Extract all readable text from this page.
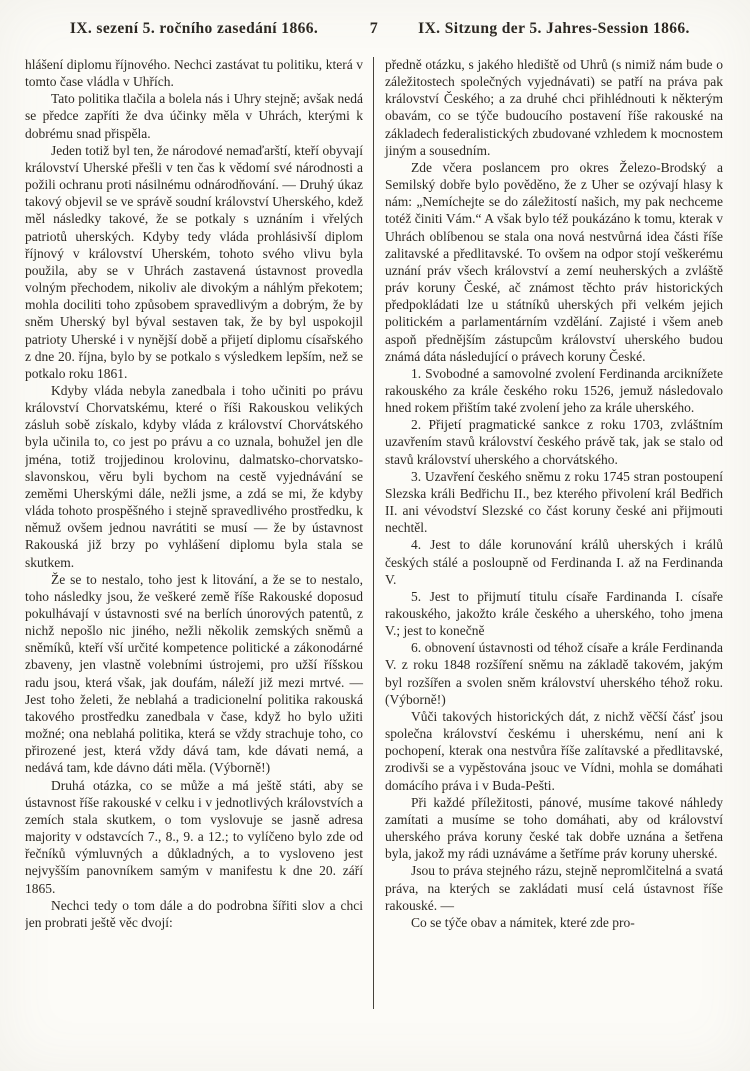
IX. sezení 5. ročního zasedání 1866.	7	IX. Sitzung der 5. Jahres-Session 1866.

hlášení diplomu říjnového. Nechci zastávat tu politiku, která v tomto čase vládla v Uhřích.

Tato politika tlačila a bolela nás i Uhry stejně; avšak nedá se předce zapříti že dva účinky měla v Uhrách, kterými k dobrému snad přispěla.

Jeden totiž byl ten, že národové nemaďarští, kteří obyvají království Uherské přešli v ten čas k vědomí své národnosti a požili ochranu proti násilnému odnárodňování. — Druhý úkaz takový objevil se ve správě soudní království Uherského, kdež měl následky takové, že se potkaly s uznáním i vřelých patriotů uherských. Kdyby tedy vláda prohlásivší diplom říjnový v království Uherském, tohoto svého vlivu byla použila, aby se v Uhrách zastavená ústavnost provedla volným přechodem, nikoliv ale divokým a náhlým překotem; mohla dociliti toho způsobem spravedlivým a dobrým, že by sněm Uherský byl býval sestaven tak, že by byl uspokojil patrioty Uherské i v nynější době a přijetí diplomu císařského z dne 20. října, bylo by se potkalo s výsledkem lepším, než se potkalo roku 1861.

Kdyby vláda nebyla zanedbala i toho učiniti po právu království Chorvatskému, které o říši Rakouskou velikých zásluh sobě získalo, kdyby vláda z království Chorvátského byla učinila to, co jest po právu a co uznala, bohužel jen dle jména, totiž trojjedinou krolovinu, dalmatsko-chorvatsko-slavonskou, věru byli bychom na cestě vyjednávání se zeměmi Uherskými dále, nežli jsme, a zdá se mi, že kdyby vláda tohoto prospěšného i stejně spravedlivého prostředku, k němuž ovšem jednou navrátiti se musí — že by ústavnost Rakouská již brzy po vyhlášení diplomu byla stala se skutkem.

Že se to nestalo, toho jest k litování, a že se to nestalo, toho následky jsou, že veškeré země říše Rakouské doposud pokulhávají v ústavnosti své na berlích únorových patentů, z nichž nepošlo nic jiného, nežli několik zemských sněmů a sněmíků, kteří vší určité kompetence politické a zákonodárné zbaveny, jen vlastně volebními ústrojemi, pro užší říšskou radu jsou, která však, jak doufám, náleží již mezi mrtvé. — Jest toho želeti, že neblahá a tradicionelní politika rakouská takového prostředku zanedbala v čase, když ho bylo užiti možné; ona neblahá politika, která se vždy strachuje toho, co přirozené jest, která vždy dává tam, kde dávati nemá, a nedává tam, kde dávno dáti měla. (Výborně!)

Druhá otázka, co se může a má ještě státi, aby se ústavnost říše rakouské v celku i v jednotlivých královstvích a zemích stala skutkem, o tom vyslovuje se jasně adresa majority v odstavcích 7., 8., 9. a 12.; to vylíčeno bylo zde od řečníků výmluvných a důkladných, a to vysloveno jest nejvyšším panovníkem samým v manifestu k dne 20. září 1865.

Nechci tedy o tom dále a do podrobna šířiti slov a chci jen probrati ještě věc dvojí:

předně otázku, s jakého hlediště od Uhrů (s nimiž nám bude o záležitostech společných vyjednávati) se patří na práva pak království Českého; a za druhé chci přihlédnouti k některým obavám, co se týče budoucího postavení říše rakouské na základech federalistických zbudované vzhledem k mocnostem jiným a sousedním.

Zde včera poslancem pro okres Železo-Brodský a Semilský dobře bylo pověděno, že z Uher se ozývají hlasy k nám: „Nemíchejte se do záležitostí našich, my pak nechceme totéž činiti Vám.“ A však bylo též poukázáno k tomu, kterak v Uhrách oblíbenou se stala ona nová nestvůrná idea části říše zalitavské a předlitavské. To ovšem na odpor stojí veškerému uznání práv všech království a zemí neuherských a zvláště práv koruny České, ač známost těchto práv historických předpokládati lze u státníků uherských při velkém jejich politickém a parlamentárním vzdělání. Zajisté i všem aneb aspoň přednějším zástupcům království uherského budou známá dáta následující o právech koruny České.

1. Svobodné a samovolné zvolení Ferdinanda arciknížete rakouského za krále českého roku 1526, jemuž následovalo hned rokem přištím také zvolení jeho za krále uherského.

2. Přijetí pragmatické sankce z roku 1703, zvláštním uzavřením stavů království českého právě tak, jak se stalo od stavů království uherského a chorvátského.

3. Uzavření českého sněmu z roku 1745 stran postoupení Slezska králi Bedřichu II., bez kterého přivolení král Bedřich II. ani vévodství Slezské co část koruny české ani přijmouti nechtěl.

4. Jest to dále korunování králů uherských i králů českých stálé a posloupně od Ferdinanda I. až na Ferdinanda V.

5. Jest to přijmutí titulu císaře Fardinanda I. císaře rakouského, jakožto krále českého a uherského, toho jmena V.; jest to konečně

6. obnovení ústavnosti od téhož císaře a krále Ferdinanda V. z roku 1848 rozšíření sněmu na základě takovém, jakým byl rozšířen a svolen sněm království uherského téhož roku. (Výborně!)

Vůči takových historických dát, z nichž věčší čásť jsou společna království českému i uherskému, není ani k pochopení, kterak ona nestvůra říše zalítavské a předlitavské, zrodivši se a vypěstována jsouc ve Vídni, mohla se domáhati domácího práva i v Buda-Pešti.

Při každé příležitosti, pánové, musíme takové náhledy zamítati a musíme se toho domáhati, aby od království uherského práva koruny české tak dobře uznána a šetřena byla, jakož my rádi uznáváme a šetříme práv koruny uherské.

Jsou to práva stejného rázu, stejně nepromlčitelná a svatá práva, na kterých se zakládati musí celá ústavnost říše rakouské. —

Co se týče obav a námitek, které zde pro-
